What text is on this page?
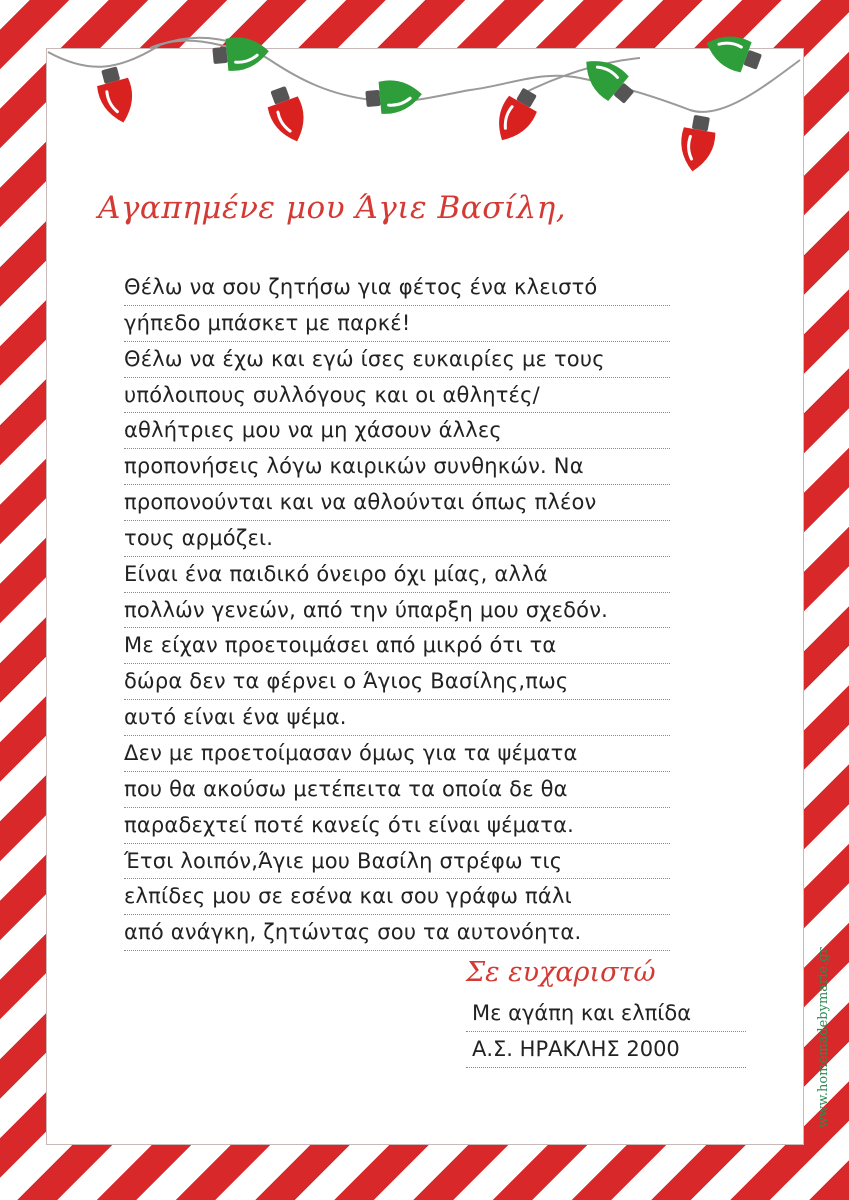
Αγαπημένε μου Άγιε Βασίλη,
Θέλω να σου ζητήσω για φέτος ένα κλειστό
γήπεδο μπάσκετ με παρκέ!
Θέλω να έχω και εγώ ίσες ευκαιρίες με τους
υπόλοιπους συλλόγους και οι αθλητές/
αθλήτριες μου να μη χάσουν άλλες
προπονήσεις λόγω καιρικών συνθηκών. Να
προπονούνται και να αθλούνται όπως πλέον
τους αρμόζει.
Είναι ένα παιδικό όνειρο όχι μίας, αλλά
πολλών γενεών, από την ύπαρξη μου σχεδόν.
Με είχαν προετοιμάσει από μικρό ότι τα
δώρα δεν τα φέρνει ο Άγιος Βασίλης,πως
αυτό είναι ένα ψέμα.
Δεν με προετοίμασαν όμως για τα ψέματα
που θα ακούσω μετέπειτα τα οποία δε θα
παραδεχτεί ποτέ κανείς ότι είναι ψέματα.
Έτσι λοιπόν,Άγιε μου Βασίλη στρέφω τις
ελπίδες μου σε εσένα και σου γράφω πάλι
από ανάγκη, ζητώντας σου τα αυτονόητα.
Σε ευχαριστώ
Με αγάπη και ελπίδα
Α.Σ. ΗΡΑΚΛΗΣ 2000	www.homemadebymarie.gr
